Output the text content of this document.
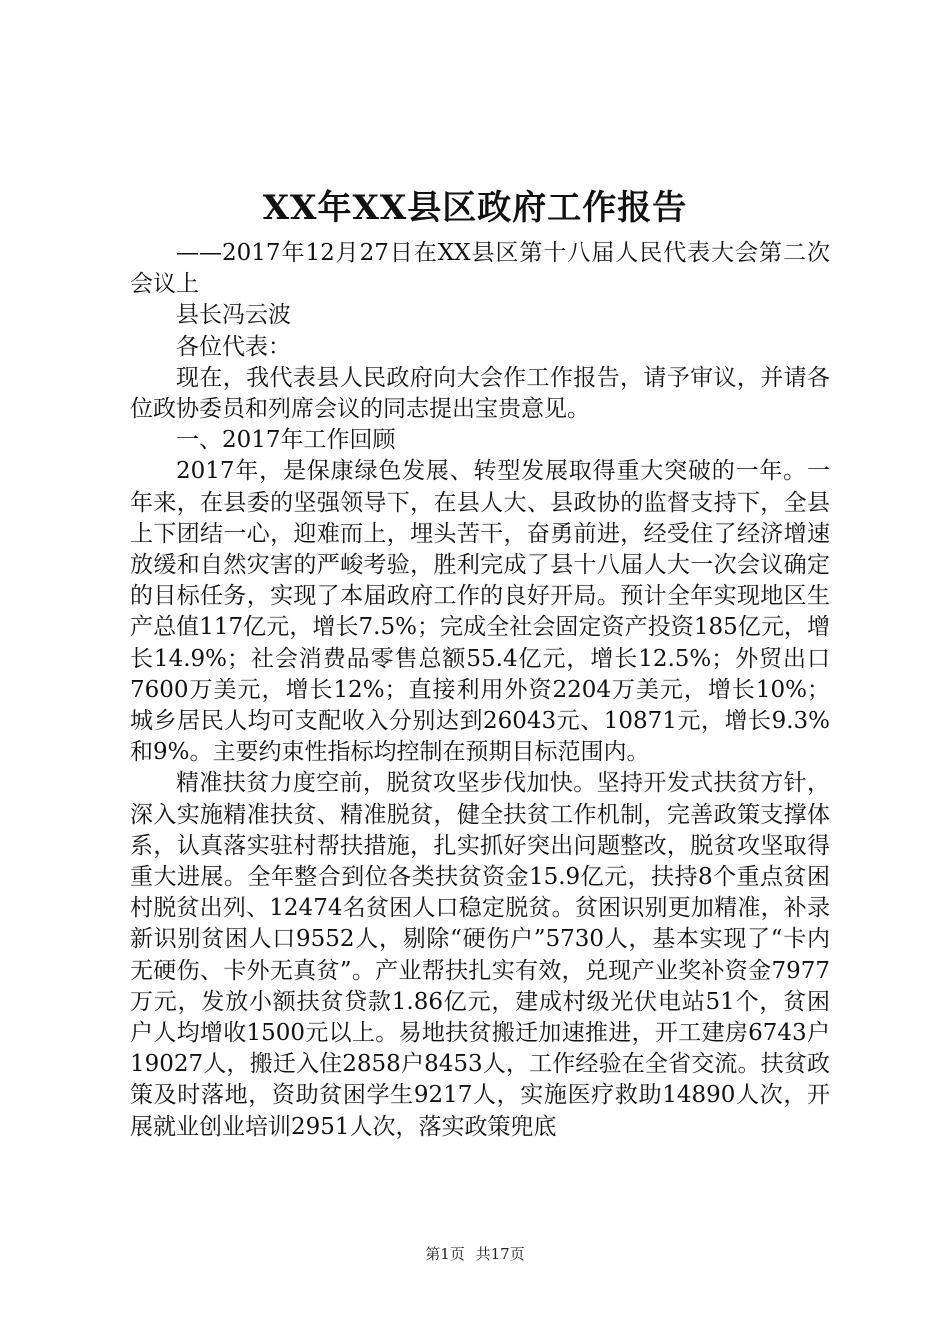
XX年XX县区政府工作报告

——2017年12月27日在XX县区第十八届人民代表大会第二次会议上

县长冯云波

各位代表：

现在，我代表县人民政府向大会作工作报告，请予审议，并请各位政协委员和列席会议的同志提出宝贵意见。

一、2017年工作回顾

2017年，是保康绿色发展、转型发展取得重大突破的一年。一年来，在县委的坚强领导下，在县人大、县政协的监督支持下，全县上下团结一心，迎难而上，埋头苦干，奋勇前进，经受住了经济增速放缓和自然灾害的严峻考验，胜利完成了县十八届人大一次会议确定的目标任务，实现了本届政府工作的良好开局。预计全年实现地区生产总值117亿元，增长7.5%；完成全社会固定资产投资185亿元，增长14.9%；社会消费品零售总额55.4亿元，增长12.5%；外贸出口7600万美元，增长12%；直接利用外资2204万美元，增长10%；城乡居民人均可支配收入分别达到26043元、10871元，增长9.3%和9%。主要约束性指标均控制在预期目标范围内。

精准扶贫力度空前，脱贫攻坚步伐加快。坚持开发式扶贫方针，深入实施精准扶贫、精准脱贫，健全扶贫工作机制，完善政策支撑体系，认真落实驻村帮扶措施，扎实抓好突出问题整改，脱贫攻坚取得重大进展。全年整合到位各类扶贫资金15.9亿元，扶持8个重点贫困村脱贫出列、12474名贫困人口稳定脱贫。贫困识别更加精准，补录新识别贫困人口9552人，剔除“硬伤户”5730人，基本实现了“卡内无硬伤、卡外无真贫”。产业帮扶扎实有效，兑现产业奖补资金7977万元，发放小额扶贫贷款1.86亿元，建成村级光伏电站51个，贫困户人均增收1500元以上。易地扶贫搬迁加速推进，开工建房6743户19027人，搬迁入住2858户8453人，工作经验在全省交流。扶贫政策及时落地，资助贫困学生9217人，实施医疗救助14890人次，开展就业创业培训2951人次，落实政策兜底

第1页 共17页
